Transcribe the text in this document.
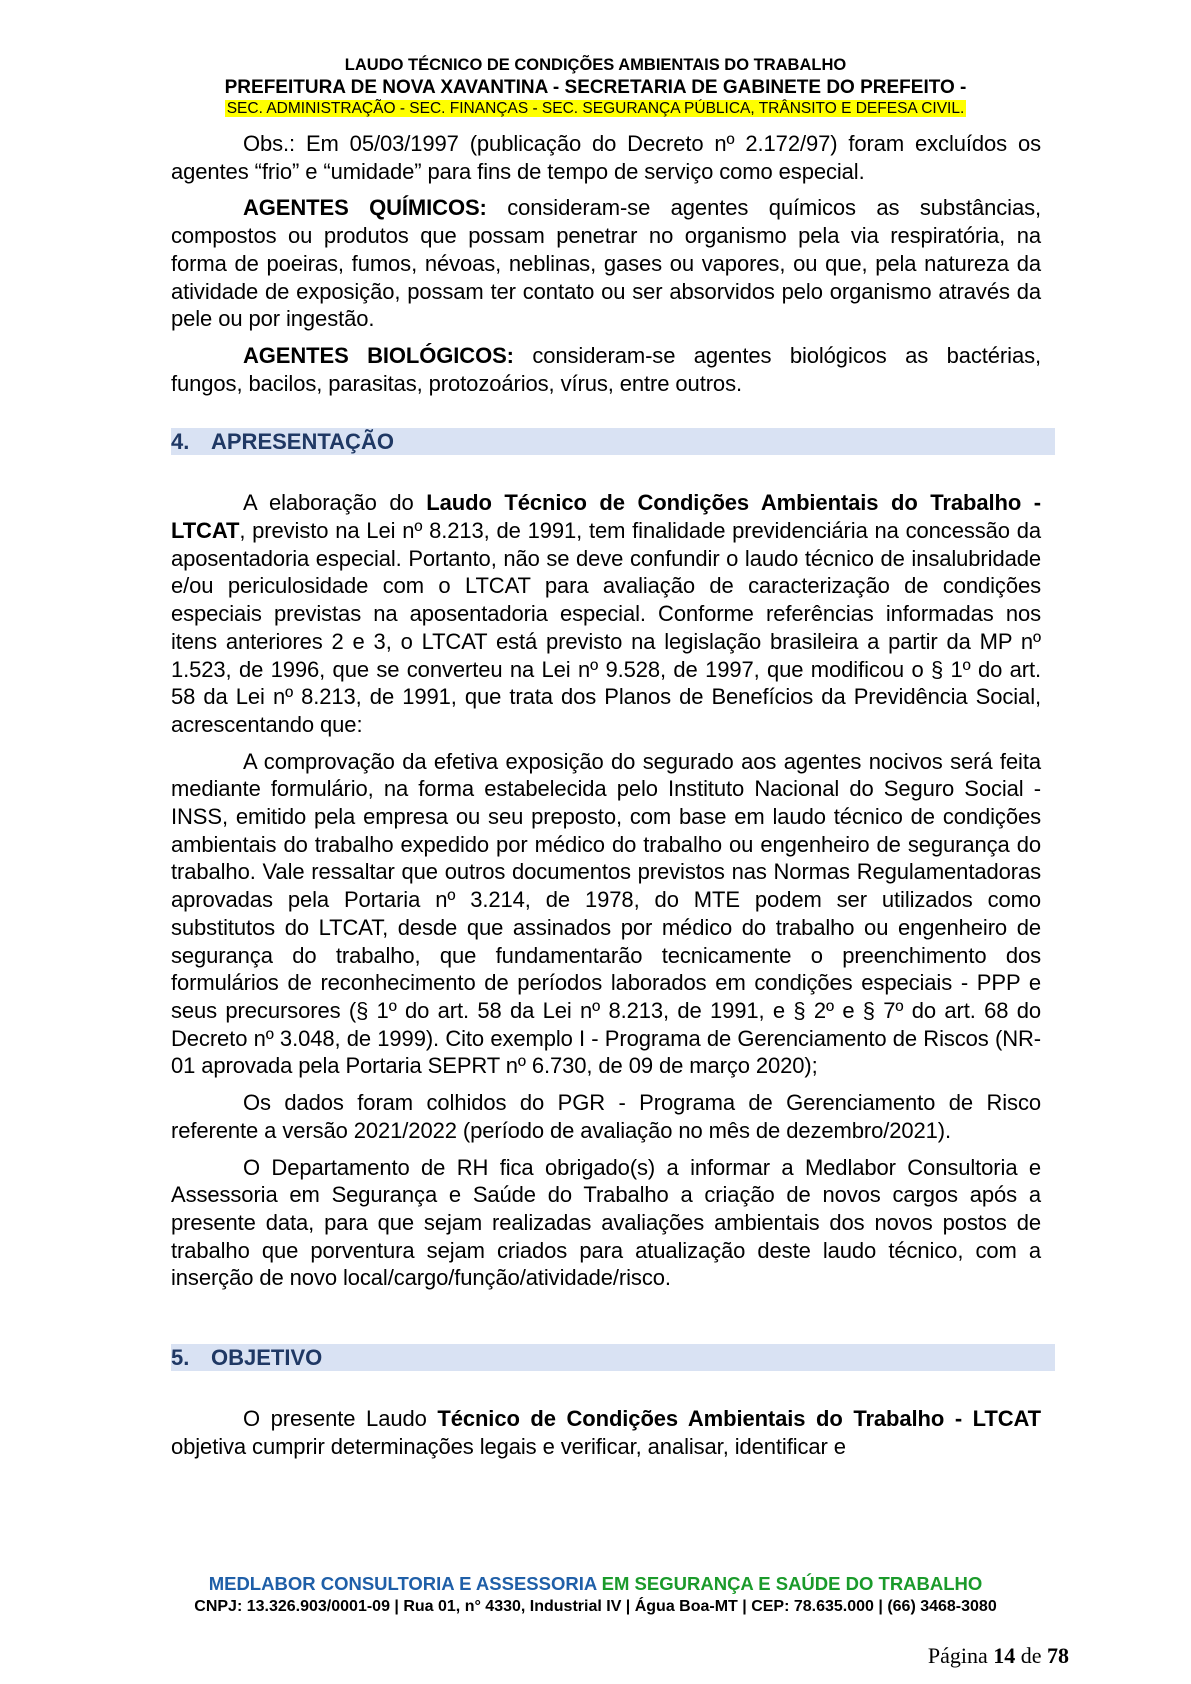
LAUDO TÉCNICO DE CONDIÇÕES AMBIENTAIS DO TRABALHO
PREFEITURA DE NOVA XAVANTINA - SECRETARIA DE GABINETE DO PREFEITO -
SEC. ADMINISTRAÇÃO - SEC. FINANÇAS - SEC. SEGURANÇA PÚBLICA, TRÂNSITO E DEFESA CIVIL.

Obs.: Em 05/03/1997 (publicação do Decreto nº 2.172/97) foram excluídos os agentes “frio” e “umidade” para fins de tempo de serviço como especial.

AGENTES QUÍMICOS: consideram-se agentes químicos as substâncias, compostos ou produtos que possam penetrar no organismo pela via respiratória, na forma de poeiras, fumos, névoas, neblinas, gases ou vapores, ou que, pela natureza da atividade de exposição, possam ter contato ou ser absorvidos pelo organismo através da pele ou por ingestão.

AGENTES BIOLÓGICOS: consideram-se agentes biológicos as bactérias, fungos, bacilos, parasitas, protozoários, vírus, entre outros.

4. APRESENTAÇÃO

A elaboração do Laudo Técnico de Condições Ambientais do Trabalho - LTCAT, previsto na Lei nº 8.213, de 1991, tem finalidade previdenciária na concessão da aposentadoria especial. Portanto, não se deve confundir o laudo técnico de insalubridade e/ou periculosidade com o LTCAT para avaliação de caracterização de condições especiais previstas na aposentadoria especial. Conforme referências informadas nos itens anteriores 2 e 3, o LTCAT está previsto na legislação brasileira a partir da MP nº 1.523, de 1996, que se converteu na Lei nº 9.528, de 1997, que modificou o § 1º do art. 58 da Lei nº 8.213, de 1991, que trata dos Planos de Benefícios da Previdência Social, acrescentando que:

A comprovação da efetiva exposição do segurado aos agentes nocivos será feita mediante formulário, na forma estabelecida pelo Instituto Nacional do Seguro Social - INSS, emitido pela empresa ou seu preposto, com base em laudo técnico de condições ambientais do trabalho expedido por médico do trabalho ou engenheiro de segurança do trabalho. Vale ressaltar que outros documentos previstos nas Normas Regulamentadoras aprovadas pela Portaria nº 3.214, de 1978, do MTE podem ser utilizados como substitutos do LTCAT, desde que assinados por médico do trabalho ou engenheiro de segurança do trabalho, que fundamentarão tecnicamente o preenchimento dos formulários de reconhecimento de períodos laborados em condições especiais - PPP e seus precursores (§ 1º do art. 58 da Lei nº 8.213, de 1991, e § 2º e § 7º do art. 68 do Decreto nº 3.048, de 1999). Cito exemplo I - Programa de Gerenciamento de Riscos (NR-01 aprovada pela Portaria SEPRT nº 6.730, de 09 de março 2020);

Os dados foram colhidos do PGR - Programa de Gerenciamento de Risco referente a versão 2021/2022 (período de avaliação no mês de dezembro/2021).

O Departamento de RH fica obrigado(s) a informar a Medlabor Consultoria e Assessoria em Segurança e Saúde do Trabalho a criação de novos cargos após a presente data, para que sejam realizadas avaliações ambientais dos novos postos de trabalho que porventura sejam criados para atualização deste laudo técnico, com a inserção de novo local/cargo/função/atividade/risco.

5. OBJETIVO

O presente Laudo Técnico de Condições Ambientais do Trabalho - LTCAT objetiva cumprir determinações legais e verificar, analisar, identificar e

MEDLABOR CONSULTORIA E ASSESSORIA EM SEGURANÇA E SAÚDE DO TRABALHO
CNPJ: 13.326.903/0001-09 | Rua 01, n° 4330, Industrial IV | Água Boa-MT | CEP: 78.635.000 | (66) 3468-3080
Página 14 de 78
